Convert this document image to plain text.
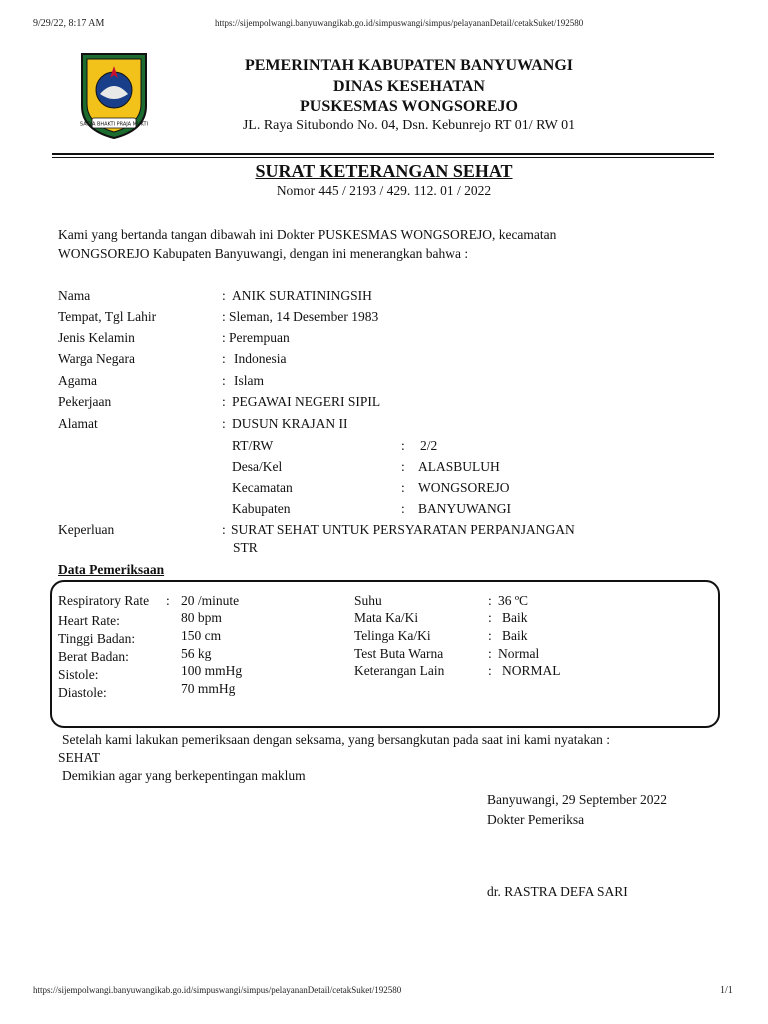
9/29/22, 8:17 AM	https://sijempolwangi.banyuwangikab.go.id/simpuswangi/simpus/pelayananDetail/cetakSuket/192580
SATYA BHAKTI PRAJA MUKTI
PEMERINTAH KABUPATEN BANYUWANGI
DINAS KESEHATAN
PUSKESMAS WONGSOREJO
JL. Raya Situbondo No. 04, Dsn. Kebunrejo RT 01/ RW 01
SURAT KETERANGAN SEHAT
Nomor 445 / 2193 / 429. 112. 01 / 2022
Kami yang bertanda tangan dibawah ini Dokter PUSKESMAS WONGSOREJO, kecamatan
WONGSOREJO Kabupaten Banyuwangi, dengan ini menerangkan bahwa :
Nama	: ANIK SURATININGSIH
Tempat, Tgl Lahir	: Sleman, 14 Desember 1983
Jenis Kelamin	: Perempuan
Warga Negara	: Indonesia
Agama	: Islam
Pekerjaan	: PEGAWAI NEGERI SIPIL
Alamat	: DUSUN KRAJAN II
RT/RW	: 2/2
Desa/Kel	: ALASBULUH
Kecamatan	: WONGSOREJO
Kabupaten	: BANYUWANGI
Keperluan	: SURAT SEHAT UNTUK PERSYARATAN PERPANJANGAN
STR
Data Pemeriksaan
Respiratory Rate : 20 /minute
Heart Rate:	80 bpm
Tinggi Badan:	150 cm
Berat Badan:	56 kg
Sistole:	100 mmHg
Diastole:	70 mmHg
Suhu	: 36 ºC
Mata Ka/Ki	: Baik
Telinga Ka/Ki	: Baik
Test Buta Warna	: Normal
Keterangan Lain	: NORMAL
Setelah kami lakukan pemeriksaan dengan seksama, yang bersangkutan pada saat ini kami nyatakan :
SEHAT
Demikian agar yang berkepentingan maklum
Banyuwangi, 29 September 2022
Dokter Pemeriksa
dr. RASTRA DEFA SARI
https://sijempolwangi.banyuwangikab.go.id/simpuswangi/simpus/pelayananDetail/cetakSuket/192580	1/1
